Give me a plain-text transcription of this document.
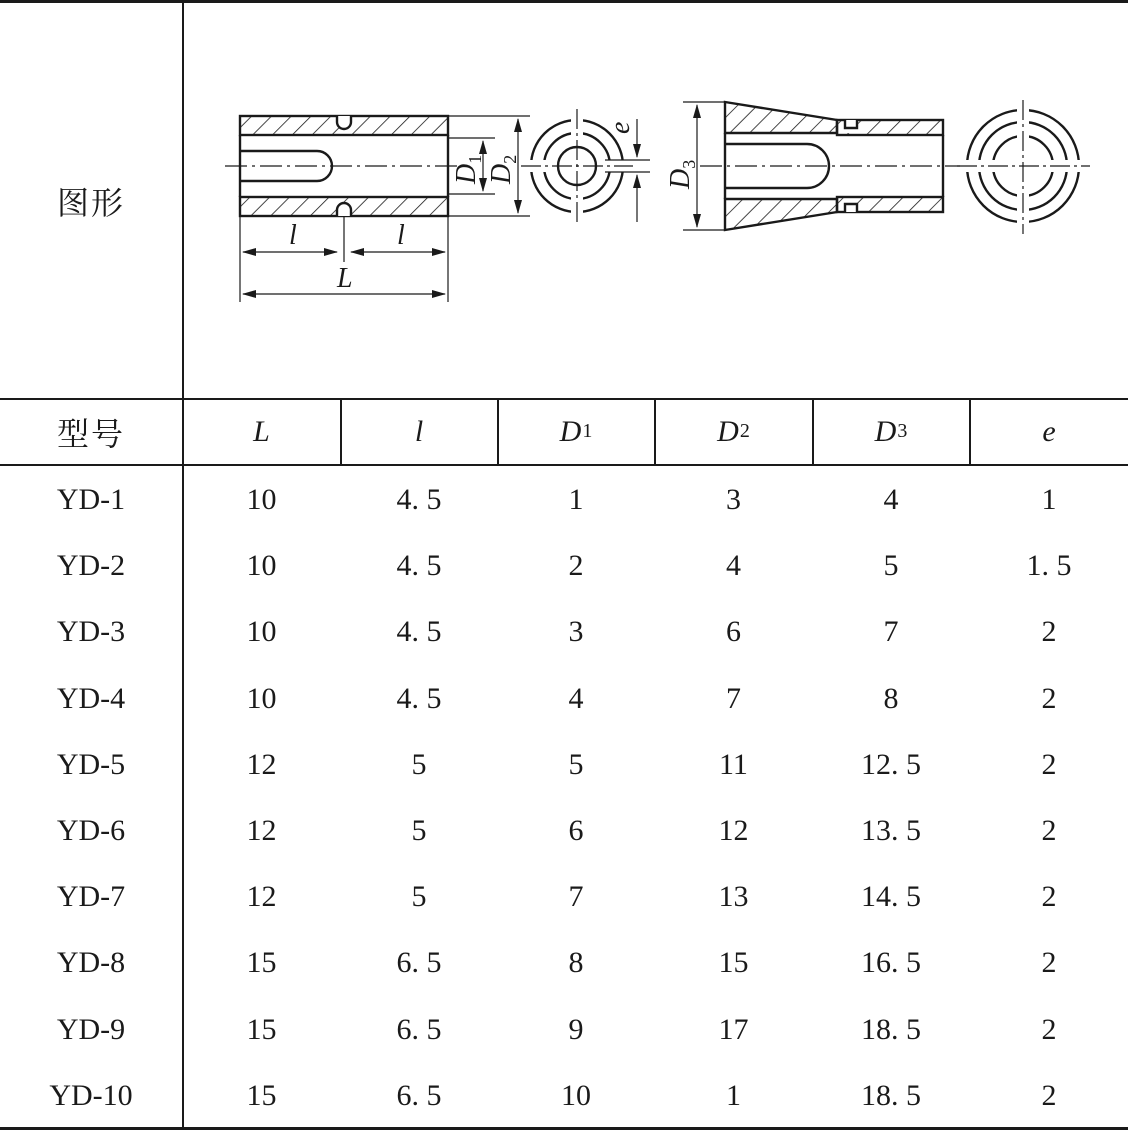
图形
l	l
L
$D_1$
$D_2$
e
$D_3$
型号	L	l	D 1	D 2	D 3	e
YD-1	10	4. 5	1	3	4	1
YD-2	10	4. 5	2	4	5	1. 5
YD-3	10	4. 5	3	6	7	2
YD-4	10	4. 5	4	7	8	2
YD-5	12	5	5	11	12. 5	2
YD-6	12	5	6	12	13. 5	2
YD-7	12	5	7	13	14. 5	2
YD-8	15	6. 5	8	15	16. 5	2
YD-9	15	6. 5	9	17	18. 5	2
YD-10	15	6. 5	10	1	18. 5	2
